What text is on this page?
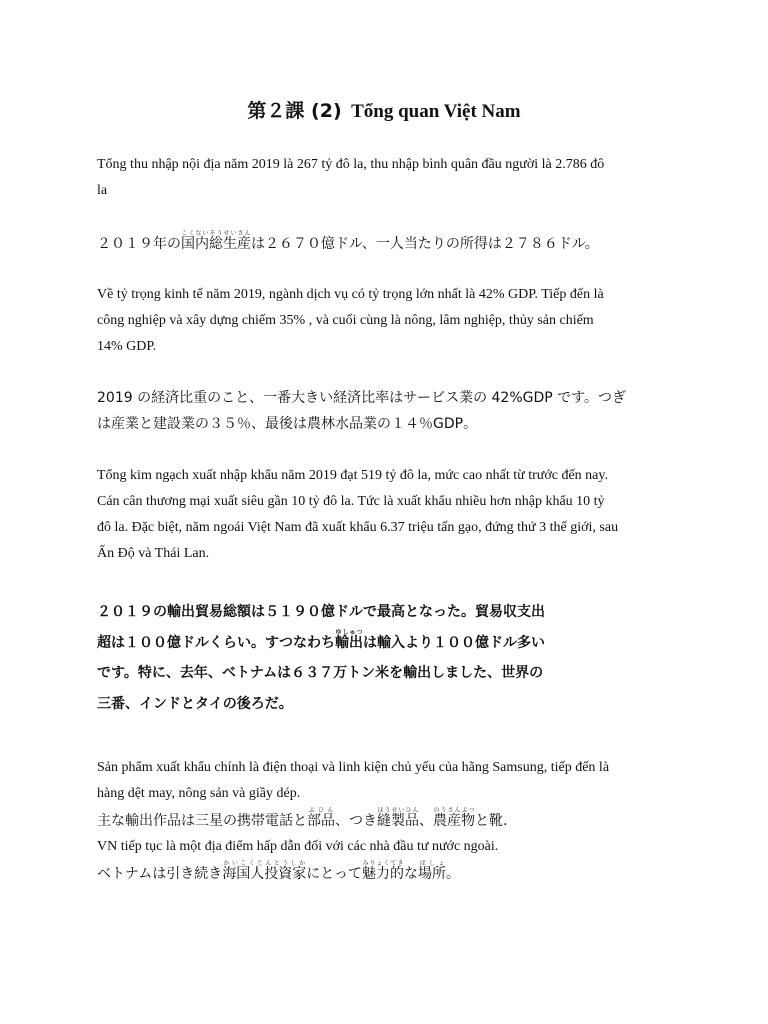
第２課 (2) Tổng quan Việt Nam
Tổng thu nhập nội địa năm 2019 là 267 tỷ đô la, thu nhập bình quân đầu người là 2.786 đô
la
２０１９年の国内総生産こくないそうせいさんは２６７０億ドル、一人当たりの所得は２７８６ドル。
Về tỷ trọng kinh tế năm 2019, ngành dịch vụ có tỷ trọng lớn nhất là 42% GDP. Tiếp đến là
công nghiệp và xây dựng chiếm 35% , và cuối cùng là nông, lâm nghiệp, thủy sản chiếm
14% GDP.
2019 の経済比重のこと、一番大きい経済比率はサービス業の 42%GDP です。つぎ
は産業と建設業の３５％、最後は農林水品業の１４％GDP。
Tổng kim ngạch xuất nhập khẩu năm 2019 đạt 519 tỷ đô la, mức cao nhất từ trước đến nay.
Cán cân thương mại xuất siêu gần 10 tỷ đô la. Tức là xuất khẩu nhiều hơn nhập khẩu 10 tỷ
đô la. Đặc biệt, năm ngoái Việt Nam đã xuất khẩu 6.37 triệu tấn gạo, đứng thứ 3 thế giới, sau
Ấn Độ và Thái Lan.
２０１９の輸出貿易総額は５１９０億ドルで最高となった。貿易収支出
超は１００億ドルくらい。すつなわち輸出ゆしゅつは輸入より１００億ドル多い
です。特に、去年、ベトナムは６３７万トン米を輸出しました、世界の
三番、インドとタイの後ろだ。
Sản phẩm xuất khẩu chính là điện thoại và linh kiện chủ yếu của hãng Samsung, tiếp đến là
hàng dệt may, nông sản và giầy dép.
主な輸出作品は三星の携帯電話と部品ぶひん、つき縫製品ほうせいひん、農産物のうさんぶつと靴.
VN tiếp tục là một địa điểm hấp dẫn đối với các nhà đầu tư nước ngoài.
ベトナムは引き続き海国人投資家かいこくじんとうしかにとって魅力的みりょくてきな場所ばしょ。
